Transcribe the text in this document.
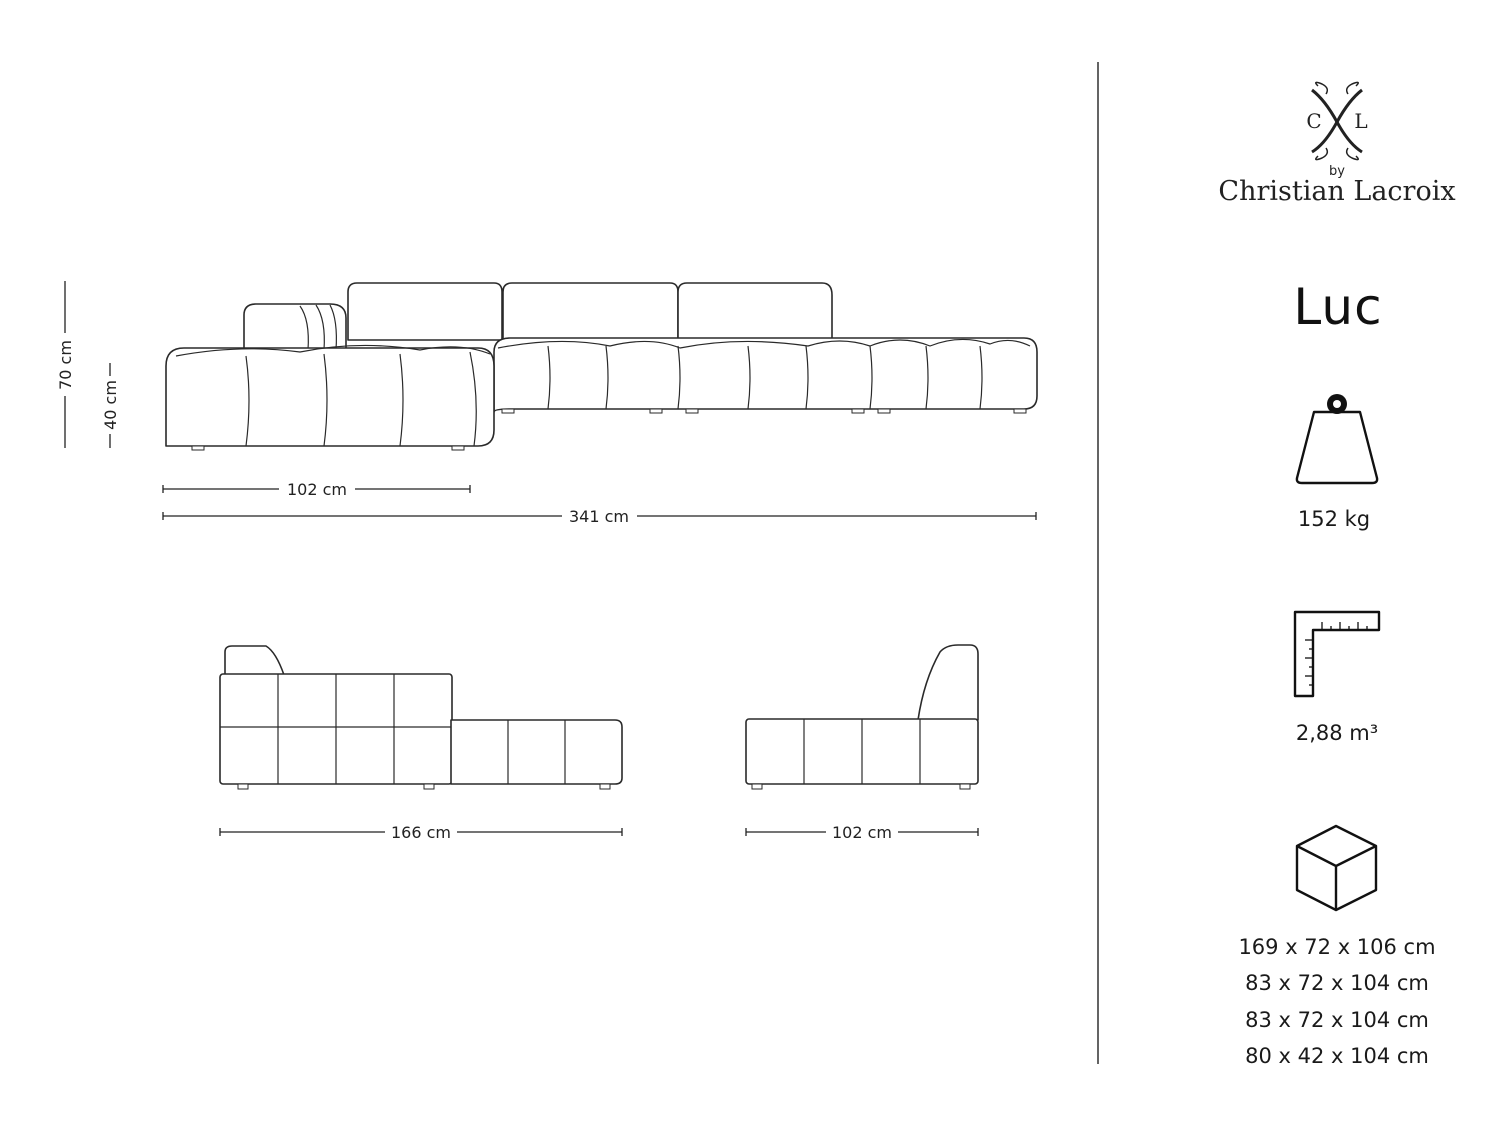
70 cm
40 cm
102 cm
341 cm
166 cm	102 cm
C L
by
Christian Lacroix
Luc
152 kg
2,88 m³
169 x 72 x 106 cm
83 x 72 x 104 cm
83 x 72 x 104 cm
80 x 42 x 104 cm
